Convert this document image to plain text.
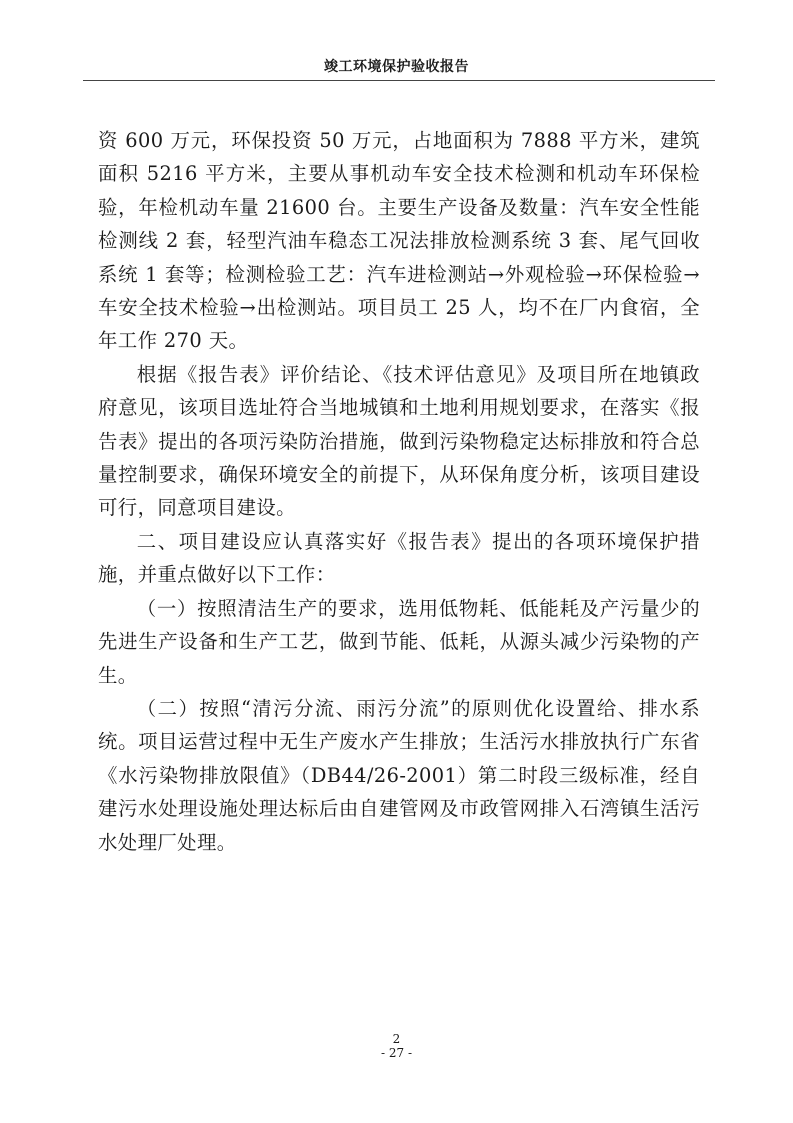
竣工环境保护验收报告

资 600 万元，环保投资 50 万元，占地面积为 7888 平方米，建筑面积 5216 平方米，主要从事机动车安全技术检测和机动车环保检验，年检机动车量 21600 台。主要生产设备及数量：汽车安全性能检测线 2 套，轻型汽油车稳态工况法排放检测系统 3 套、尾气回收系统 1 套等；检测检验工艺：汽车进检测站→外观检验→环保检验→车安全技术检验→出检测站。项目员工 25 人，均不在厂内食宿，全年工作 270 天。

根据《报告表》评价结论、《技术评估意见》及项目所在地镇政府意见，该项目选址符合当地城镇和土地利用规划要求，在落实《报告表》提出的各项污染防治措施，做到污染物稳定达标排放和符合总量控制要求，确保环境安全的前提下，从环保角度分析，该项目建设可行，同意项目建设。

二、项目建设应认真落实好《报告表》提出的各项环境保护措施，并重点做好以下工作：

（一）按照清洁生产的要求，选用低物耗、低能耗及产污量少的先进生产设备和生产工艺，做到节能、低耗，从源头减少污染物的产生。

（二）按照“清污分流、雨污分流”的原则优化设置给、排水系统。项目运营过程中无生产废水产生排放；生活污水排放执行广东省《水污染物排放限值》（DB44/26-2001）第二时段三级标准，经自建污水处理设施处理达标后由自建管网及市政管网排入石湾镇生活污水处理厂处理。

2
- 27 -
